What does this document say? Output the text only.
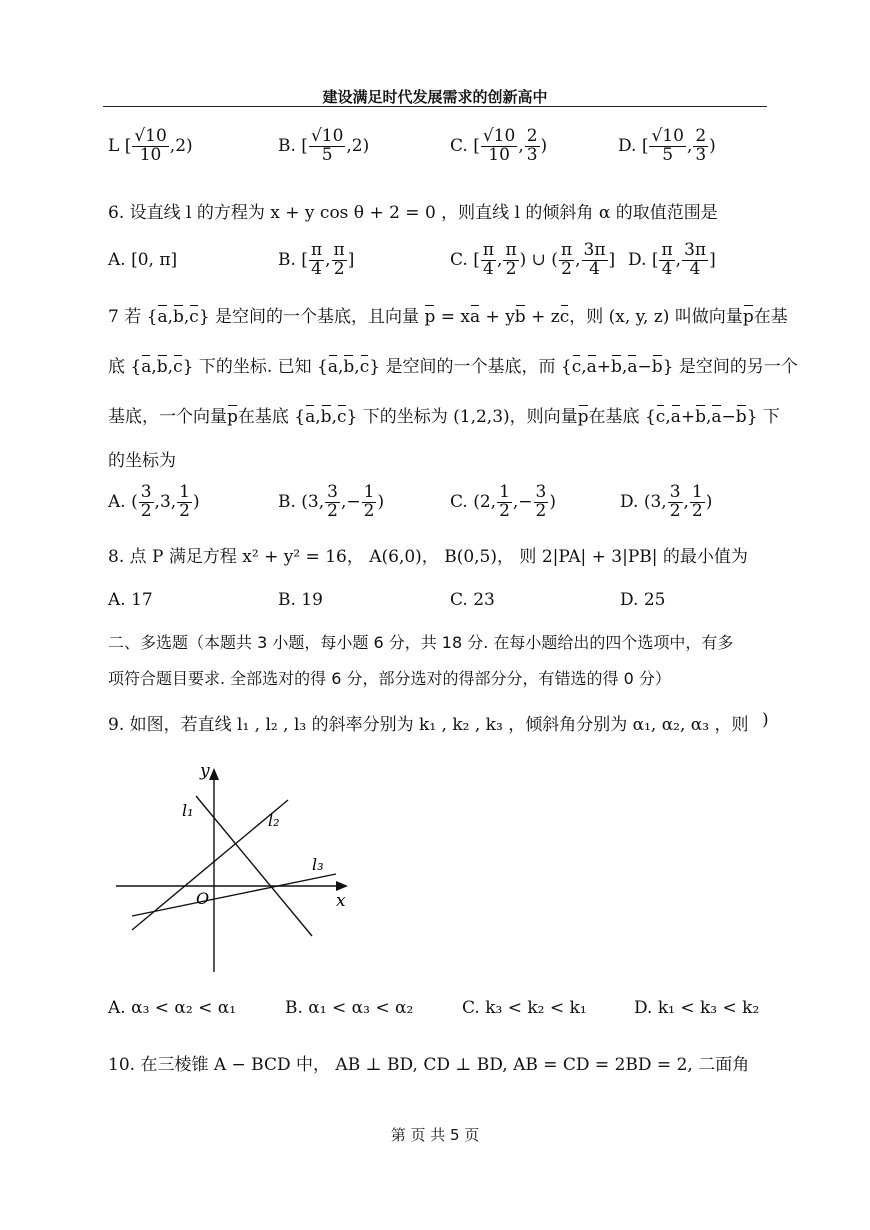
建设满足时代发展需求的创新高中
L [ $\frac{√10}{10} ,2$)	B. [ $\frac{√10}{5} ,2$)	C. [ $\frac{√10}{10}$ , $\frac{2}{3}$ )	D. [ $\frac{√10}{5}$ , $\frac{2}{3}$ )
6. 设直线 l 的方程为 x + y cos θ + 2 = 0 ，则直线 l 的倾斜角 α 的取值范围是
A. [0, π]	B. [ $\frac{\pi}{4}$ , $\frac{\pi}{2}$ ]	C. [ $\frac{\pi}{4}$ , $\frac{\pi}{2}$ ) ∪ ( $\frac{\pi}{2}$ , $\frac{3\pi}{4}$ ] D. [ $\frac{\pi}{4}$ , $\frac{3\pi}{4}$ ]
7 若 {a,b,c} 是空间的一个基底，且向量 p = xa + yb + zc，则 (x, y, z) 叫做向量p在基
底 {a,b,c} 下的坐标. 已知 {a,b,c} 是空间的一个基底，而 {c,a+b,a−b} 是空间的另一个
基底，一个向量p在基底 {a,b,c} 下的坐标为 (1,2,3)，则向量p在基底 {c,a+b,a−b} 下
的坐标为
A. ( $\frac{3}{2} ,3$, $\frac{1}{2}$ )	B. (3, $\frac{3}{2}$ ,− $\frac{1}{2}$ )	C. (2, $\frac{1}{2}$ ,− $\frac{3}{2}$ )	D. (3, $\frac{3}{2}$ , $\frac{1}{2}$ )
8. 点 P 满足方程 x² + y² = 16， A(6,0)， B(0,5)， 则 2|PA| + 3|PB| 的最小值为
A. 17	B. 19	C. 23	D. 25
二、多选题（本题共 3 小题，每小题 6 分，共 18 分. 在每小题给出的四个选项中，有多
项符合题目要求. 全部选对的得 6 分，部分选对的得部分分，有错选的得 0 分）
9. 如图，若直线 l₁ , l₂ , l₃ 的斜率分别为 k₁ , k₂ , k₃ ，倾斜角分别为 α₁, α₂, α₃ ，则 )
y
x
O
l₁
l₂
l₃
A. α₃ < α₂ < α₁	B. α₁ < α₃ < α₂	C. k₃ < k₂ < k₁	D. k₁ < k₃ < k₂
10. 在三棱锥 A − BCD 中， AB ⊥ BD, CD ⊥ BD, AB = CD = 2BD = 2, 二面角
第 页 共 5 页
